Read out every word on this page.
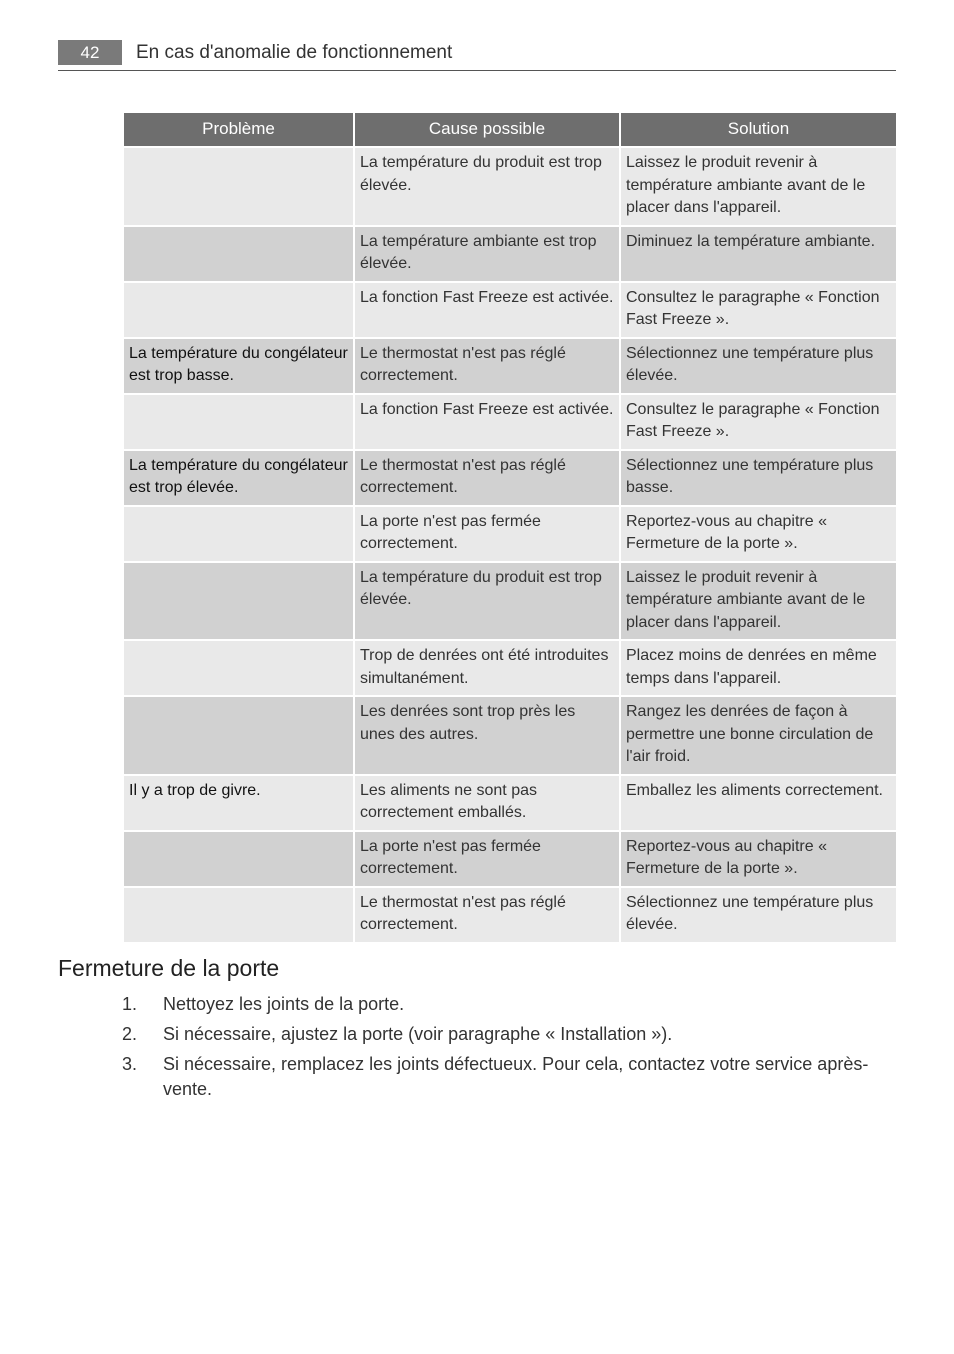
42	En cas d'anomalie de fonctionnement
Problème	Cause possible	Solution
	La température du produit est trop élevée.	Laissez le produit revenir à température ambiante avant de le placer dans l'appareil.
	La température ambiante est trop élevée.	Diminuez la température ambiante.
	La fonction Fast Freeze est activée.	Consultez le paragraphe « Fonction Fast Freeze ».
La température du congélateur est trop basse.	Le thermostat n'est pas réglé correctement.	Sélectionnez une température plus élevée.
	La fonction Fast Freeze est activée.	Consultez le paragraphe « Fonction Fast Freeze ».
La température du congélateur est trop élevée.	Le thermostat n'est pas réglé correctement.	Sélectionnez une température plus basse.
	La porte n'est pas fermée correctement.	Reportez-vous au chapitre « Fermeture de la porte ».
	La température du produit est trop élevée.	Laissez le produit revenir à température ambiante avant de le placer dans l'appareil.
	Trop de denrées ont été introduites simultanément.	Placez moins de denrées en même temps dans l'appareil.
	Les denrées sont trop près les unes des autres.	Rangez les denrées de façon à permettre une bonne circulation de l'air froid.
Il y a trop de givre.	Les aliments ne sont pas correctement emballés.	Emballez les aliments correctement.
	La porte n'est pas fermée correctement.	Reportez-vous au chapitre « Fermeture de la porte ».
	Le thermostat n'est pas réglé correctement.	Sélectionnez une température plus élevée.
Fermeture de la porte
1. Nettoyez les joints de la porte.
2. Si nécessaire, ajustez la porte (voir paragraphe « Installation »).
3. Si nécessaire, remplacez les joints défectueux. Pour cela, contactez votre service après-vente.
